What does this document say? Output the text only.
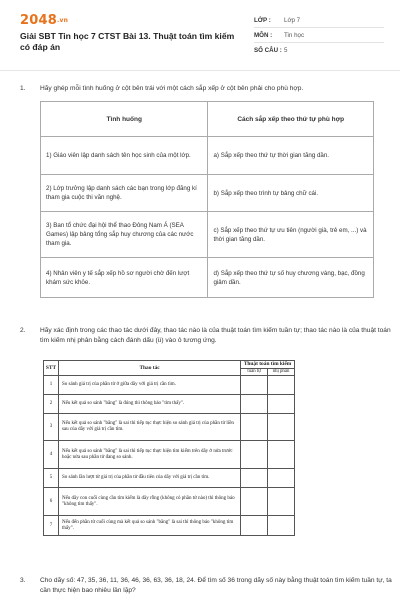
2048.vn
Giải SBT Tin học 7 CTST Bài 13. Thuật toán tìm kiếm có đáp án
LỚP :	Lớp 7
MÔN :	Tin học
SỐ CÂU : 5
1.	Hãy ghép mỗi tình huống ở cột bên trái với một cách sắp xếp ở cột bên phải cho phù hợp.
Tình huống	Cách sắp xếp theo thứ tự phù hợp
1) Giáo viên lập danh sách tên học sinh của một lớp.	a) Sắp xếp theo thứ tự thời gian tăng dần.
2) Lớp trưởng lập danh sách các bạn trong lớp đăng kí tham gia cuộc thi văn nghệ.	b) Sắp xếp theo trình tự bảng chữ cái.
3) Ban tổ chức đại hội thể thao Đông Nam Á (SEA Games) lập bảng tổng sắp huy chương của các nước tham gia.	c) Sắp xếp theo thứ tự ưu tiên (người già, trẻ em, ...) và thời gian tăng dần.
4) Nhân viên y tế sắp xếp hồ sơ người chờ đến lượt khám sức khỏe.	d) Sắp xếp theo thứ tự số huy chương vàng, bạc, đồng giảm dần.
2.	Hãy xác định trong các thao tác dưới đây, thao tác nào là của thuật toán tìm kiếm tuần tự; thao tác nào là của thuật toán tìm kiếm nhị phân bằng cách đánh dấu (ü) vào ô tương ứng.
STT	Thao tác	Thuật toán tìm kiếm	
		tuần tự	nhị phân
1	So sánh giá trị của phần tử ở giữa dãy với giá trị cần tìm.		
2	Nếu kết quả so sánh "bằng" là đúng thì thông báo "tìm thấy".		
3	Nếu kết quả so sánh "bằng" là sai thì tiếp tục thực hiện so sánh giá trị của phần tử liền sau của dãy với giá trị cần tìm.		
4	Nếu kết quả so sánh "bằng" là sai thì tiếp tục thực hiện tìm kiếm trên dãy ở nửa trước hoặc nửa sau phần tử đang so sánh.		
5	So sánh lần lượt từ giá trị của phần tử đầu tiên của dãy với giá trị cần tìm.		
6	Nếu dãy con cuối cùng cần tìm kiếm là dãy rỗng (không có phần tử nào) thì thông báo "không tìm thấy".		
7	Nếu đến phần tử cuối cùng mà kết quả so sánh "bằng" là sai thì thông báo "không tìm thấy".		
3.	Cho dãy số: 47, 35, 36, 11, 36, 46, 36, 63, 36, 18, 24. Để tìm số 36 trong dãy số này bằng thuật toán tìm kiếm tuần tự, ta cần thực hiện bao nhiêu lần lặp?
